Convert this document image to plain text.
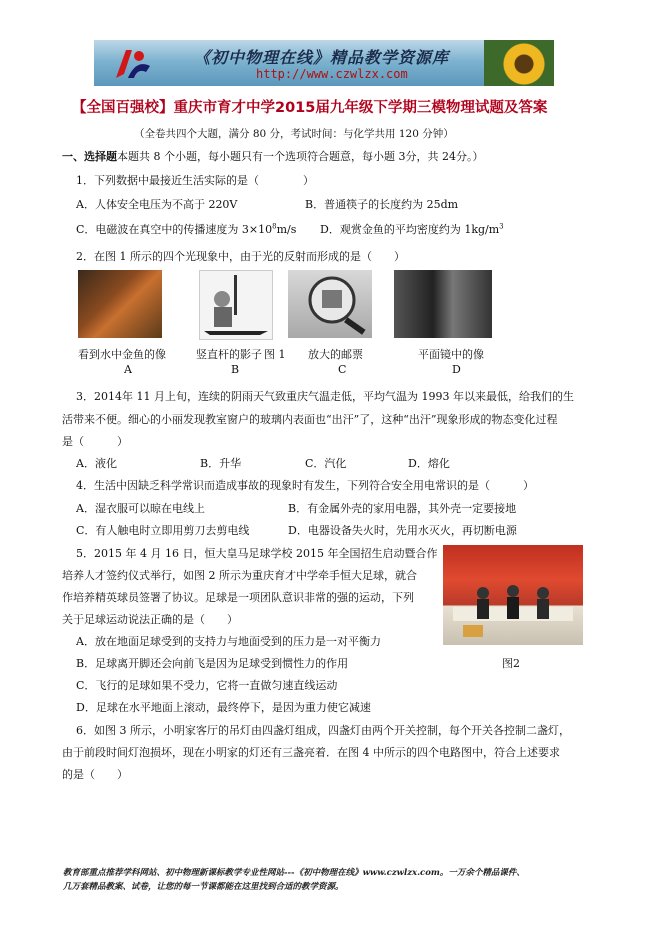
《初中物理在线》精品教学资源库
http://www.czwlzx.com
【全国百强校】重庆市育才中学2015届九年级下学期三模物理试题及答案
（全卷共四个大题，满分 80 分，考试时间：与化学共用 120 分钟）
一、选择题本题共 8 个小题，每小题只有一个选项符合题意，每小题 3分，共 24分。）
1．下列数据中最接近生活实际的是（　　　　）
A．人体安全电压为不高于 220V	B．普通筷子的长度约为 25dm
C．电磁波在真空中的传播速度为 $3\times 10^8m/s$ D．观赏金鱼的平均密度约为 $1kg/m^3$
2．在图 1 所示的四个光现象中，由于光的反射而形成的是（　　）
看到水中金鱼的像	竖直杆的影子 图 1 放大的邮票	平面镜中的像
A	B	C	D
3．2014年 11 月上旬，连续的阴雨天气致重庆气温走低，平均气温为 1993 年以来最低，给我们的生
活带来不便。细心的小丽发现教室窗户的玻璃内表面也“出汗”了，这种“出汗”现象形成的物态变化过程
是（　　　）
A．液化	B．升华	C．汽化	D．熔化
4．生活中因缺乏科学常识而造成事故的现象时有发生，下列符合安全用电常识的是（　　　）
A．湿衣服可以晾在电线上	B．有金属外壳的家用电器，其外壳一定要接地
C．有人触电时立即用剪刀去剪电线	D．电器设备失火时，先用水灭火，再切断电源
5．2015 年 4 月 16 日，恒大皇马足球学校 2015 年全国招生启动暨合作
培养人才签约仪式举行，如图 2 所示为重庆育才中学牵手恒大足球，就合
作培养精英球员签署了协议。足球是一项团队意识非常的强的运动，下列
关于足球运动说法正确的是（　　）
A．放在地面足球受到的支持力与地面受到的压力是一对平衡力
B．足球离开脚还会向前飞是因为足球受到惯性力的作用
C．飞行的足球如果不受力，它将一直做匀速直线运动
D．足球在水平地面上滚动，最终停下，是因为重力使它减速
图2
6．如图 3 所示，小明家客厅的吊灯由四盏灯组成，四盏灯由两个开关控制，每个开关各控制二盏灯，
由于前段时间灯泡损坏，现在小明家的灯还有三盏亮着．在图 4 中所示的四个电路图中，符合上述要求
的是（　　）
教育部重点推荐学科网站、初中物理新课标教学专业性网站---《初中物理在线》www.czwlzx.com。一万余个精品课件、
几万套精品教案、试卷，让您的每一节课都能在这里找到合适的教学资源。
